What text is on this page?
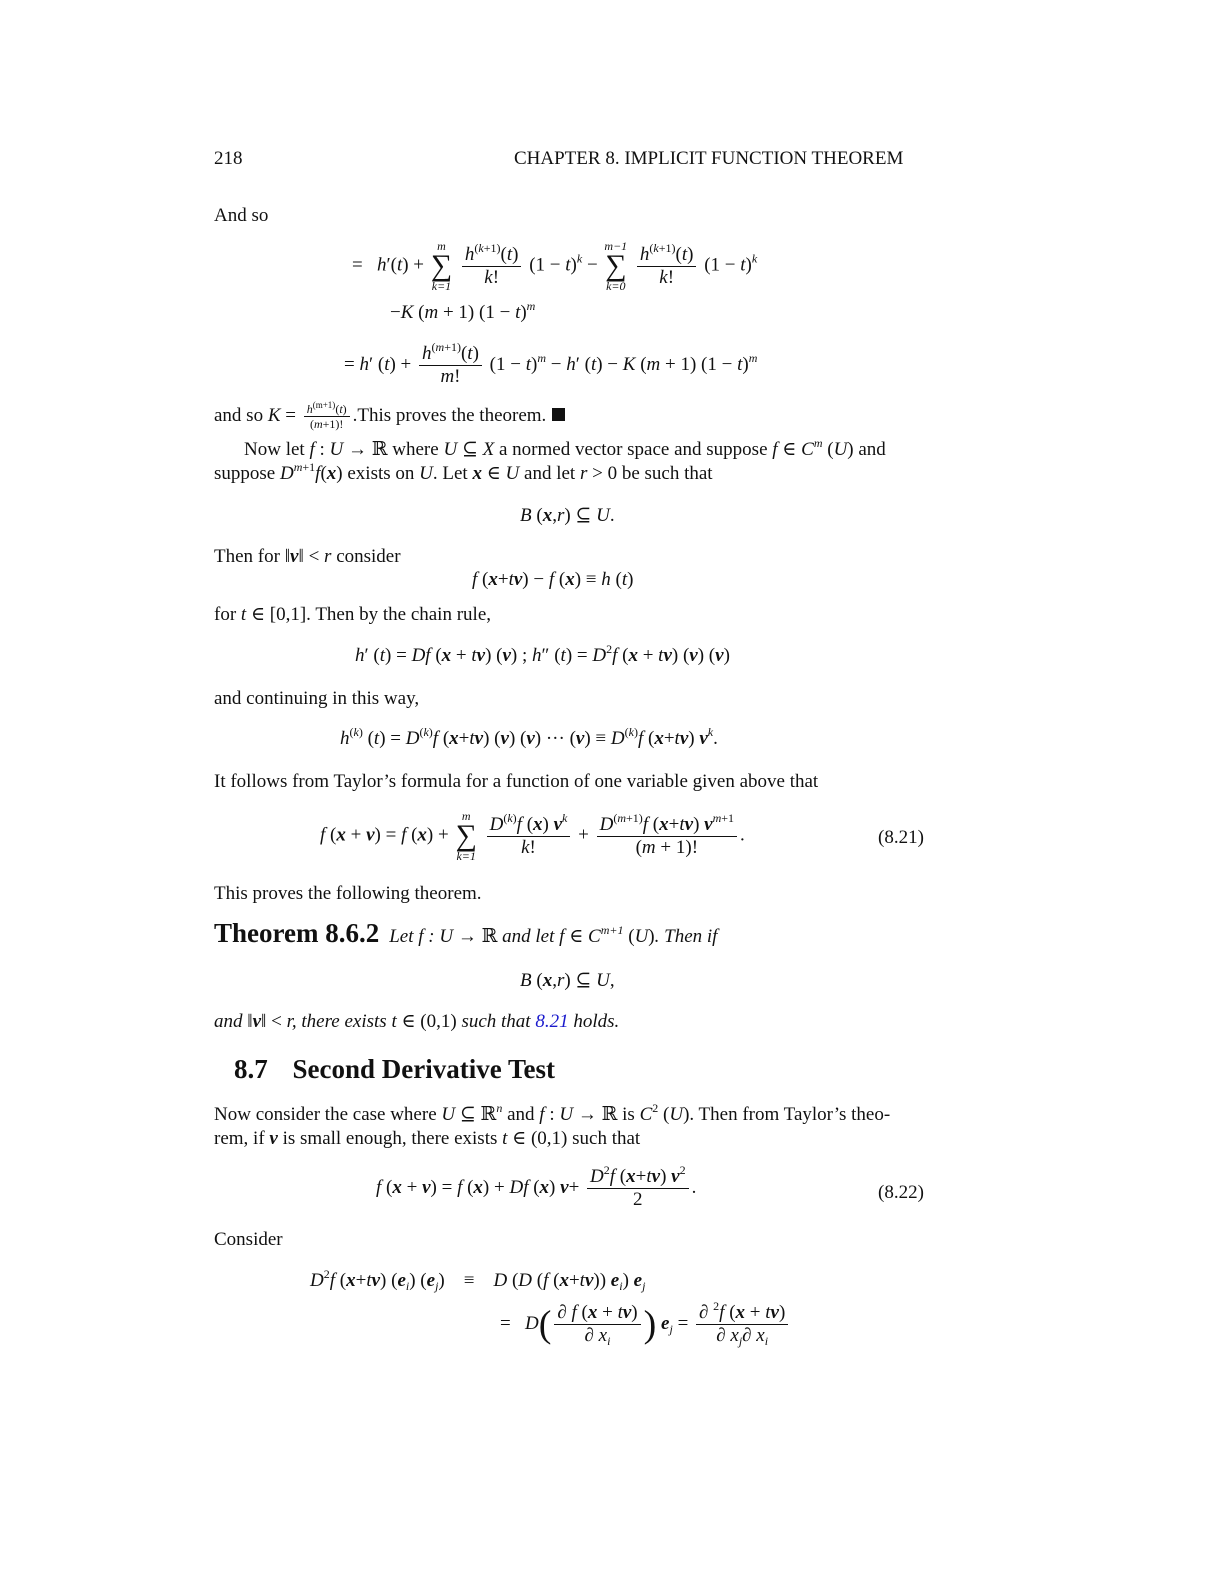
218	CHAPTER 8. IMPLICIT FUNCTION THEOREM
And so
=   h′(t) +
m
∑
k=1
$\frac{h^{(k+1)}(t)}{k!} (1 - t)^k$ −
m−1
∑
k=0
$\frac{h^{(k+1)}(t)}{k!} (1 - t)^k$
−K (m + 1) $(1 - t)^m$
= h′ $(t) + \frac{h^{(m+1)}(t)}{m!} (1 - t)^m - h'$ (t) − K (m + 1) $(1 - t)^m$
and so $K = \frac{h^{(m+1)}(t)}{(m+1)!}$ .This proves the theorem.
Now let f : U → ℝ where U ⊆ X a normed vector space and suppose f ∈ $C^m$ (U) and
suppose $D^{m+1}f(x)$ exists on U. Let x ∈ U and let r > 0 be such that
B (x,r) ⊆ U.
Then for ‖v‖ < r consider
f (x+tv) − f (x) ≡ h (t)
for t ∈ [0,1]. Then by the chain rule,
h′ (t) = Df (x + tv) (v) ; h″ $(t) = D^2f$ (x + tv) (v) (v)
and continuing in this way,
$h^{(k)}$ $(t) = D^{(k)}f$ (x+tv) (v) (v) ··· $(v) \equiv D^{(k)}f$ (x+tv) $v^k$.
It follows from Taylor’s formula for a function of one variable given above that
f (x + v) = f (x) +
m
∑
k=1
$\frac{D^{(k)}f (x) v^k}{k!} + \frac{D^{(m+1)}f (x+tv) v^{m+1}}{(m + 1)!}$ .	(8.21)
This proves the following theorem.
Theorem 8.6.2 Let f : U → ℝ and let f ∈ $C^{m+1}$ (U). Then if
B (x,r) ⊆ U,
and ‖v‖ < r, there exists t ∈ (0,1) such that 8.21 holds.
8.7 Second Derivative Test
Now consider the case where U ⊆ ℝ$^n$ and f : U → ℝ is $C^2$ (U). Then from Taylor’s theo-
rem, if v is small enough, there exists t ∈ (0,1) such that
f (x + v) = f (x) + Df (x) $v+ \frac{D^2f (x+tv) v^2}{2}$ .	(8.22)
Consider
$D^2f$ (x+tv) $(e_i)$ $(e_j)$    ≡    D (D (f (x+tv)) $e_i$) $e_j$
=   $D( \frac{\partial f (x + tv)}{\partial x_i}$ ) $e_j = \frac{\partial ^2f (x + tv)}{\partial x_j\partial x_i}$
